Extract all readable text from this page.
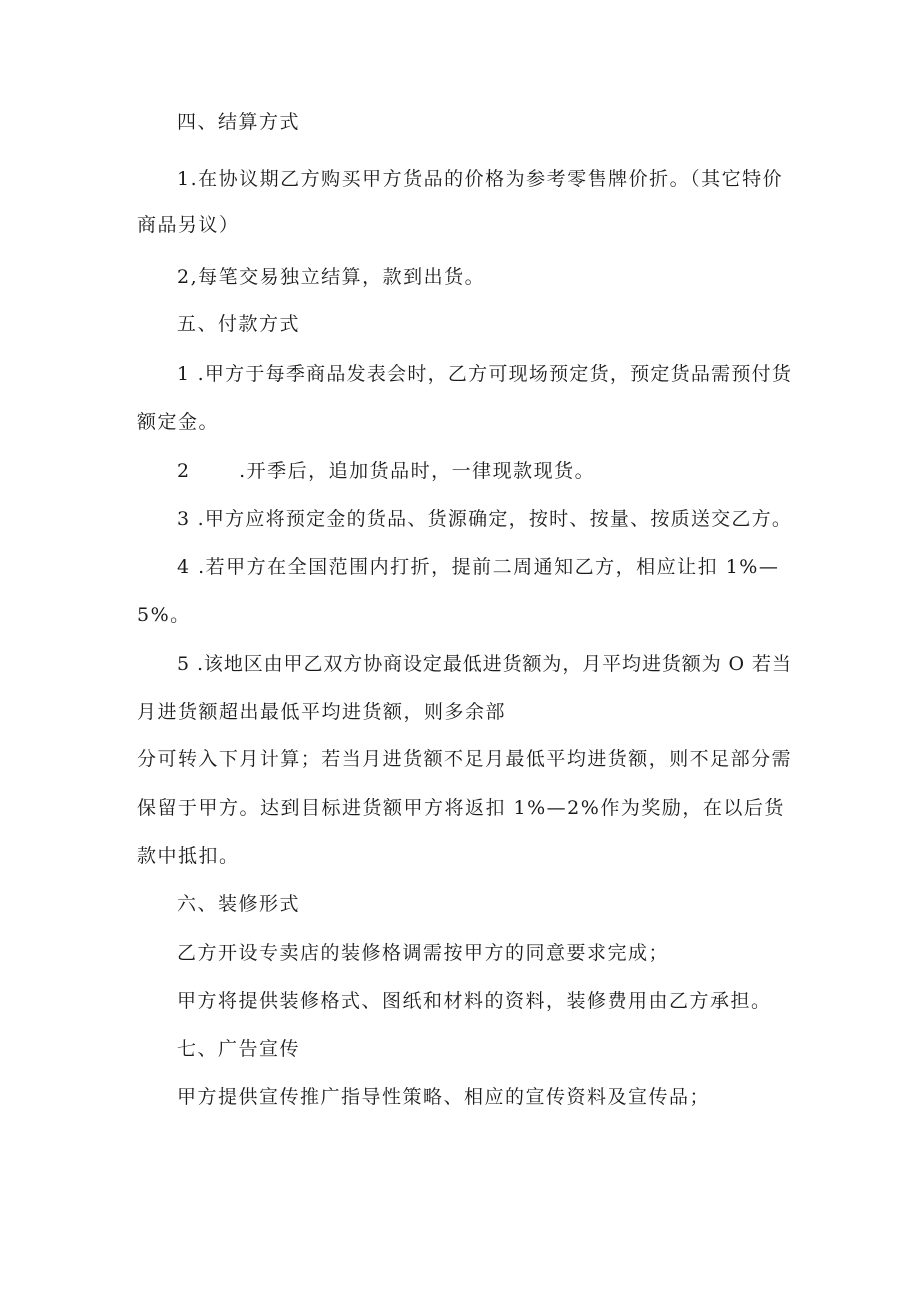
四、结算方式
1.在协议期乙方购买甲方货品的价格为参考零售牌价折。（其它特价
商品另议）
2,每笔交易独立结算，款到出货。
五、付款方式
1 .甲方于每季商品发表会时，乙方可现场预定货，预定货品需预付货
额定金。
2 　　.开季后，追加货品时，一律现款现货。
3 .甲方应将预定金的货品、货源确定，按时、按量、按质送交乙方。
4 .若甲方在全国范围内打折，提前二周通知乙方，相应让扣 1%—
5%。
5 .该地区由甲乙双方协商设定最低进货额为，月平均进货额为 O 若当
月进货额超出最低平均进货额，则多余部
分可转入下月计算；若当月进货额不足月最低平均进货额，则不足部分需
保留于甲方。达到目标进货额甲方将返扣 1%—2%作为奖励，在以后货
款中抵扣。
六、装修形式
乙方开设专卖店的装修格调需按甲方的同意要求完成；
甲方将提供装修格式、图纸和材料的资料，装修费用由乙方承担。
七、广告宣传
甲方提供宣传推广指导性策略、相应的宣传资料及宣传品；
